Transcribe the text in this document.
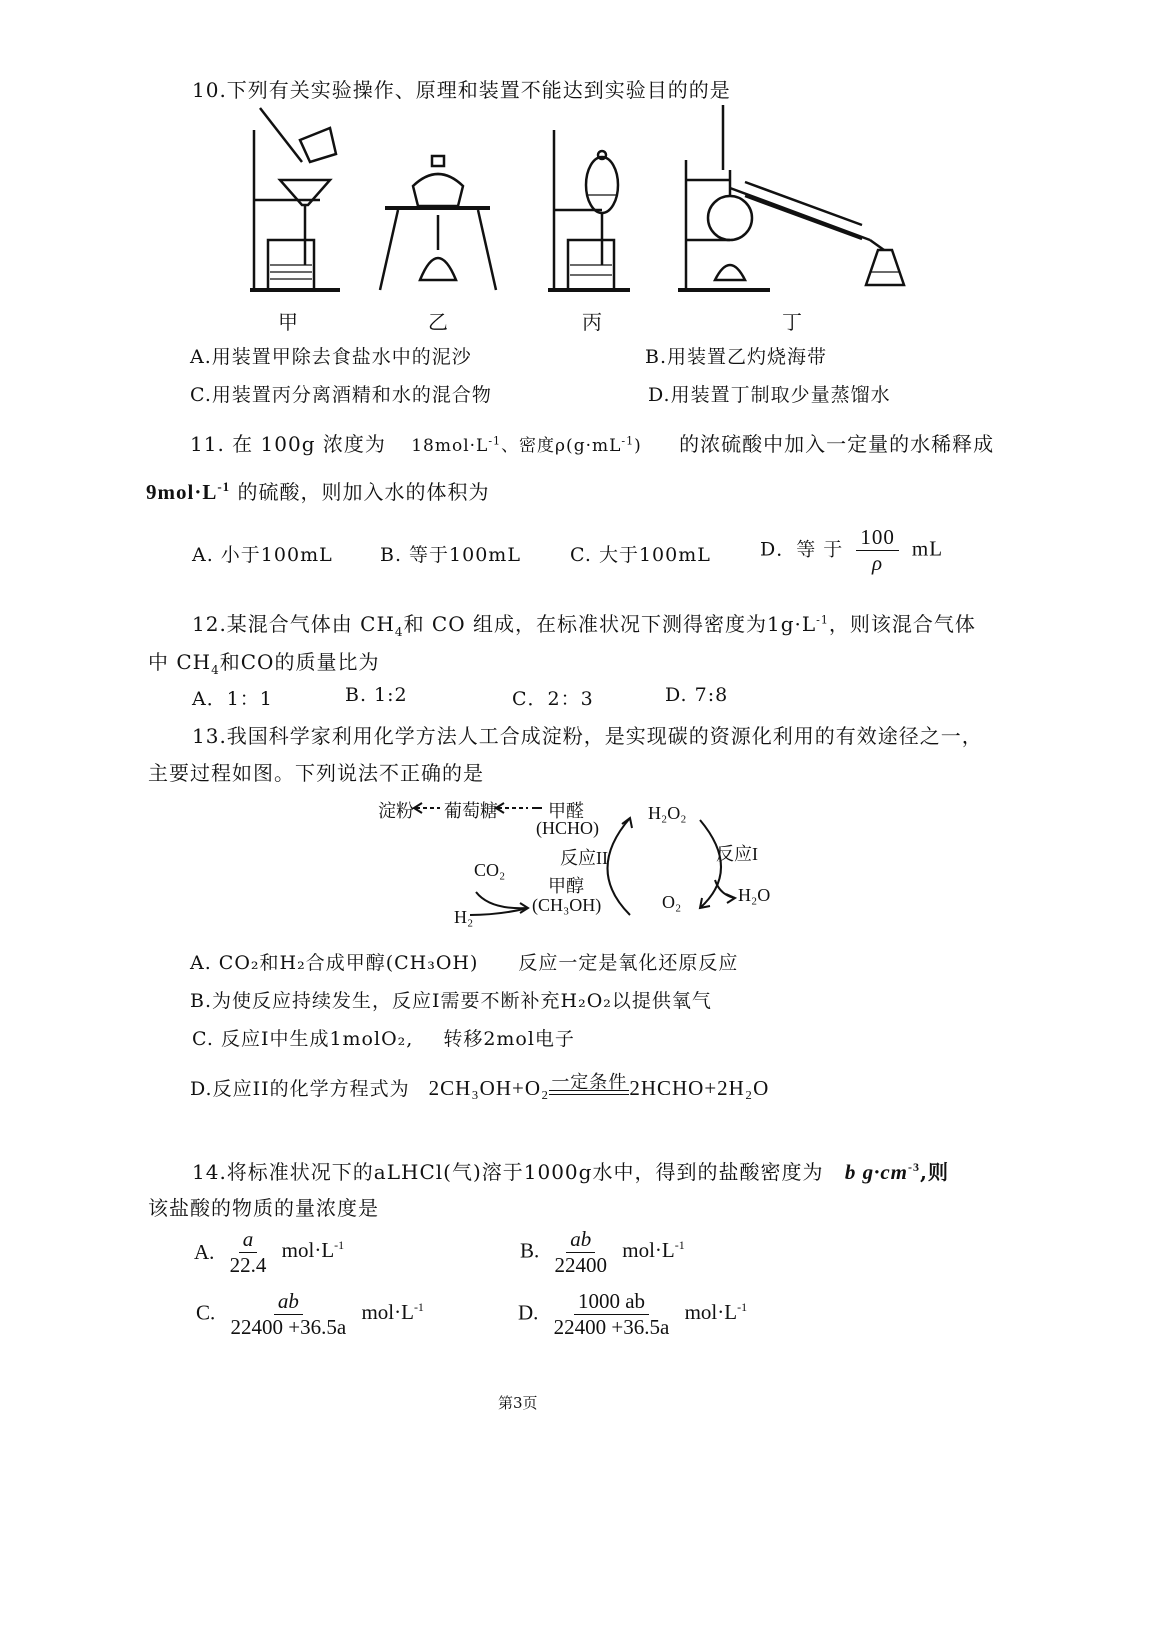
10.下列有关实验操作、原理和装置不能达到实验目的的是
甲	乙	丙	丁
A.用装置甲除去食盐水中的泥沙	B.用装置乙灼烧海带
C.用装置丙分离酒精和水的混合物	D.用装置丁制取少量蒸馏水
11. 在 100g 浓度为 $18mol\cdot L^{-1}$、密度$\rho(g\cdot mL^{-1})$ 的浓硫酸中加入一定量的水稀释成
$9mol\cdot L^{-1}$ 的硫酸，则加入水的体积为
A. 小于100mL B. 等于100mL	C. 大于100mL	D．等 于 $\frac{100}{\rho}$ mL
12.某混合气体由 $CH_4$和 CO 组成，在标准状况下测得密度为$1g\cdot L^{-1}$，则该混合气体
中 $CH_4$和CO的质量比为
A．1：1	B. 1:2	C．2：3	D. 7:8
13.我国科学家利用化学方法人工合成淀粉，是实现碳的资源化利用的有效途径之一，
主要过程如图。下列说法不正确的是
淀粉 葡萄糖	甲醛
(HCHO)
反应II	反应I
甲醇
(CH₃OH)
CO₂
H₂
H₂O₂
O₂	H₂O
A. CO₂和H₂合成甲醇(CH₃OH) 反应一定是氧化还原反应
B.为使反应持续发生，反应I需要不断补充H₂O₂以提供氧气
C. 反应I中生成1molO₂, 转移2mol电子
D.反应II的化学方程式为 2CH₃OH+O₂ 一定条件 2HCHO+2H₂O
14.将标准状况下的aLHCl(气)溶于1000g水中，得到的盐酸密度为 b $g\cdot cm^{-3}$,则
该盐酸的物质的量浓度是
A. $\frac{a}{22.4} mol\cdot L^{-1}$	B. $\frac{ab}{22400} mol\cdot L^{-1}$
C. $\frac{ab}{22400 +36.5a} mol\cdot L^{-1}$	D. $\frac{1000 ab}{22400 +36.5a} mol\cdot L^{-1}$
第3页
